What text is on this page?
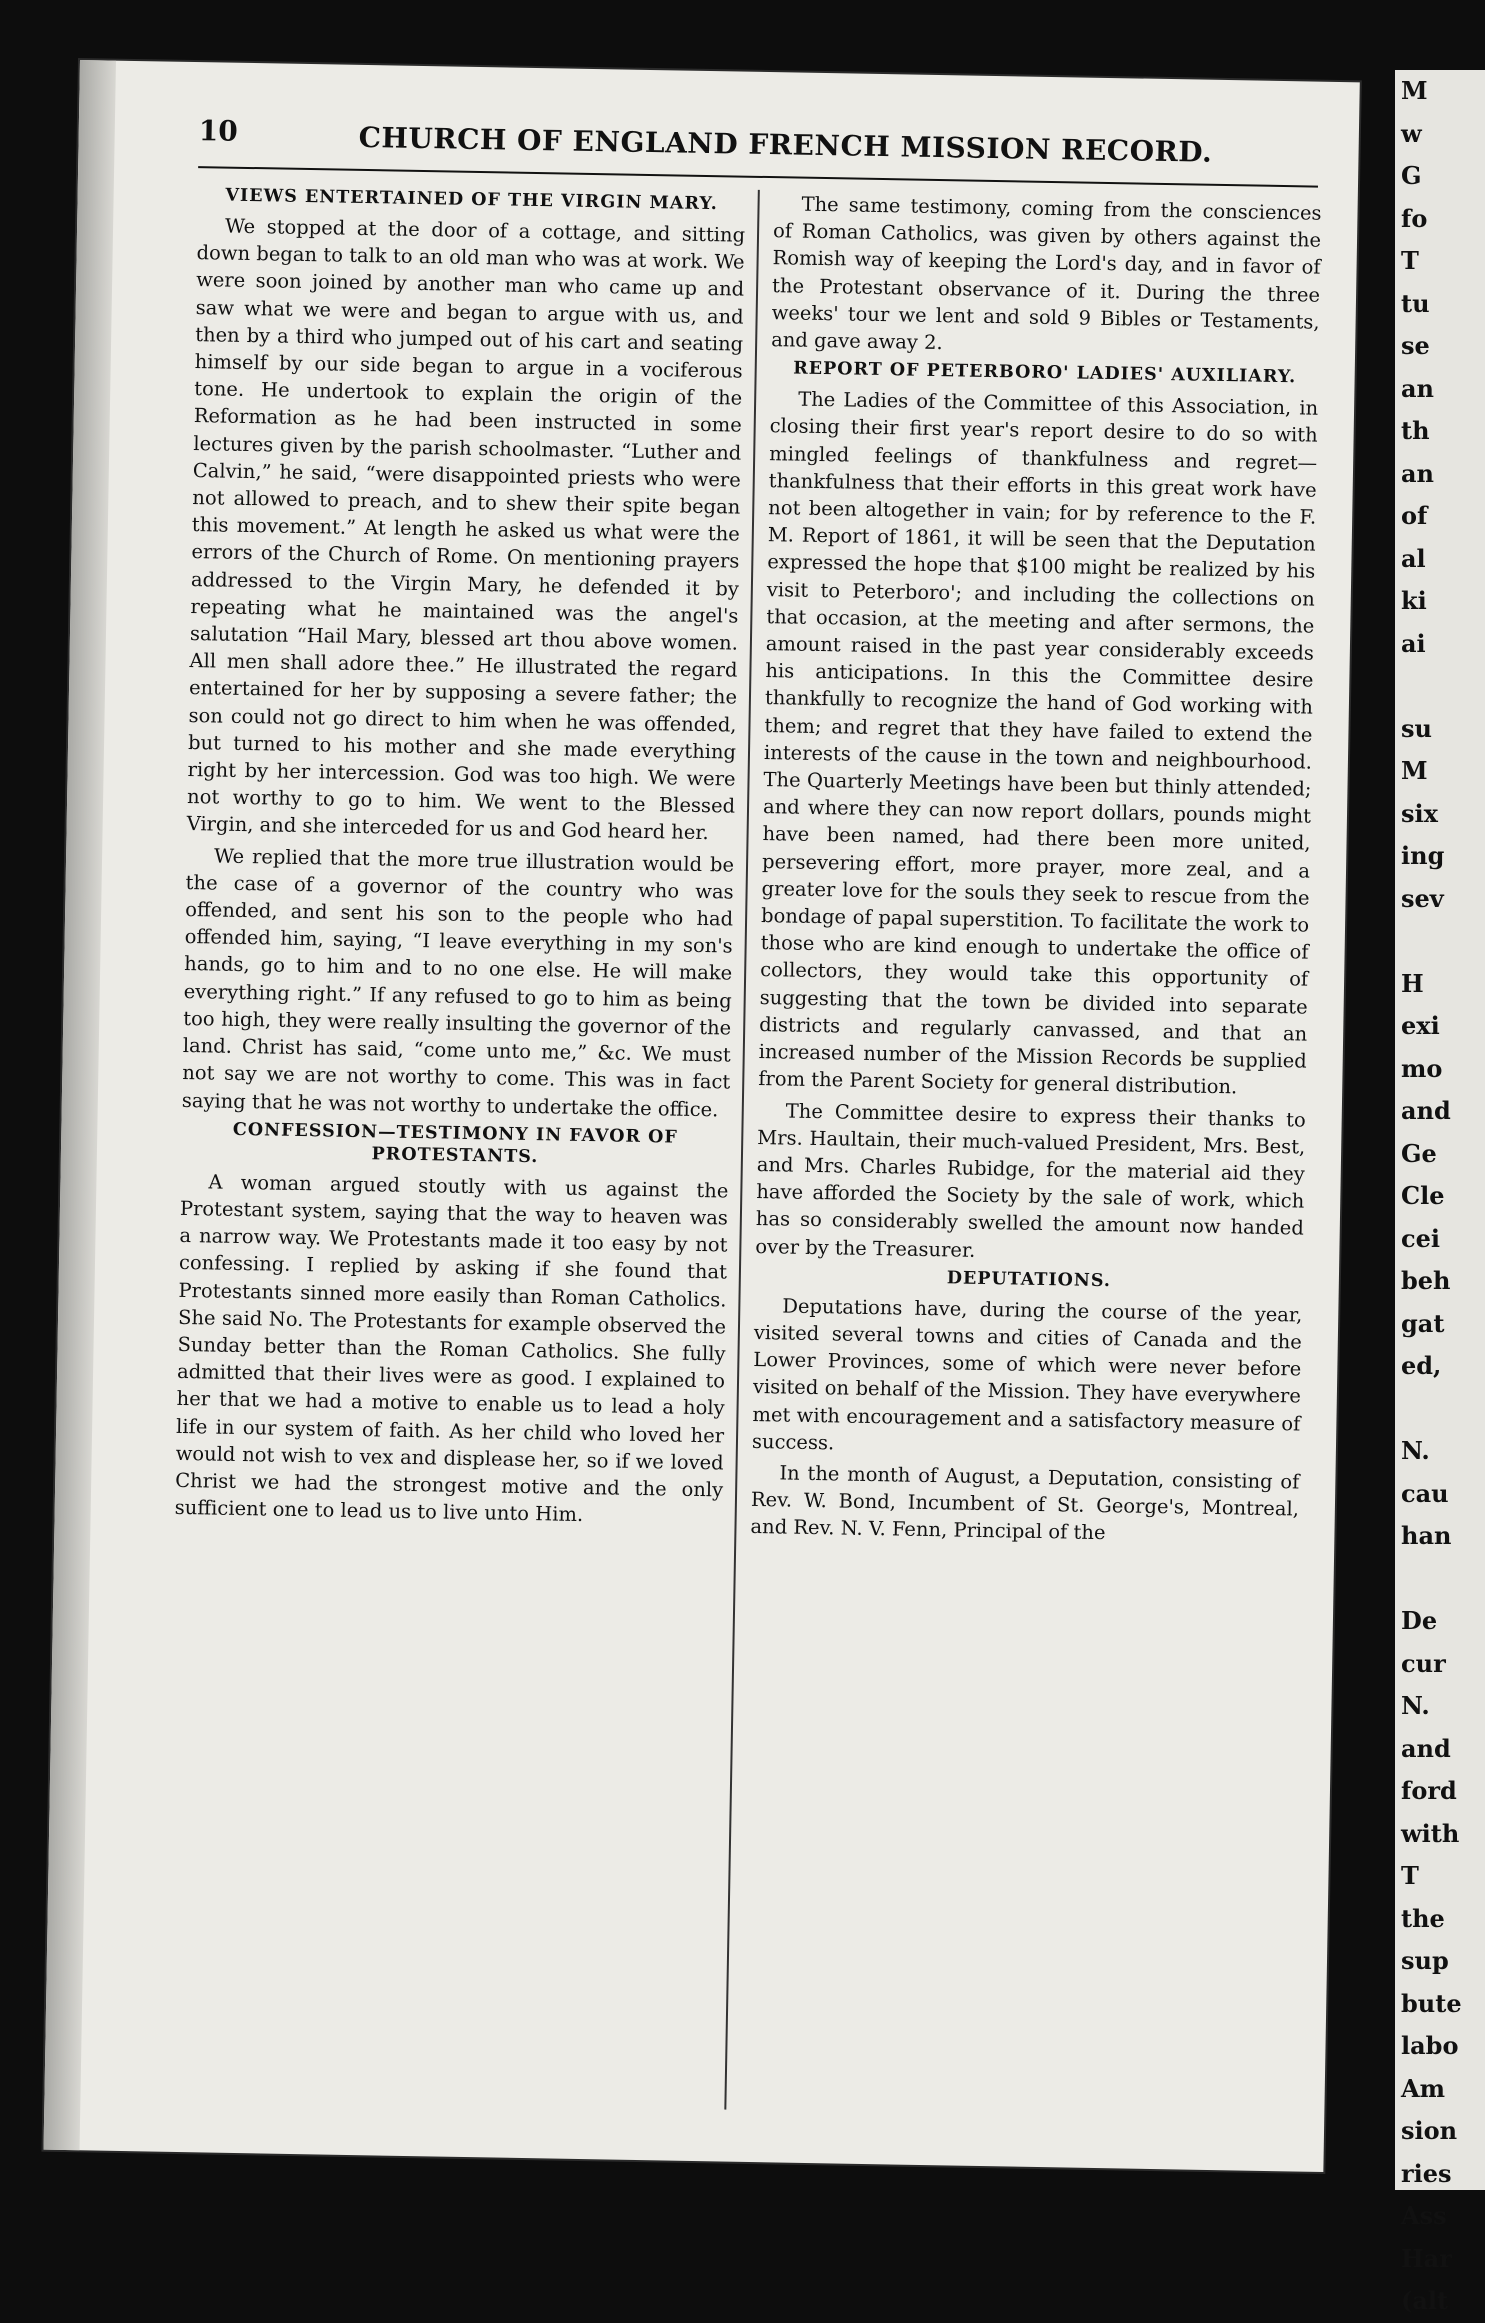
10	CHURCH OF ENGLAND FRENCH MISSION RECORD.
VIEWS ENTERTAINED OF THE VIRGIN MARY.

We stopped at the door of a cottage, and sitting down began to talk to an old man who was at work. We were soon joined by another man who came up and saw what we were and began to argue with us, and then by a third who jumped out of his cart and seating himself by our side began to argue in a vociferous tone. He undertook to explain the origin of the Reformation as he had been instructed in some lectures given by the parish schoolmaster. “Luther and Calvin,” he said, “were disappointed priests who were not allowed to preach, and to shew their spite began this movement.” At length he asked us what were the errors of the Church of Rome. On mentioning prayers addressed to the Virgin Mary, he defended it by repeating what he maintained was the angel's salutation “Hail Mary, blessed art thou above women. All men shall adore thee.” He illustrated the regard entertained for her by supposing a severe father; the son could not go direct to him when he was offended, but turned to his mother and she made everything right by her intercession. God was too high. We were not worthy to go to him. We went to the Blessed Virgin, and she interceded for us and God heard her.

We replied that the more true illustration would be the case of a governor of the country who was offended, and sent his son to the people who had offended him, saying, “I leave everything in my son's hands, go to him and to no one else. He will make everything right.” If any refused to go to him as being too high, they were really insulting the governor of the land. Christ has said, “come unto me,” &c. We must not say we are not worthy to come. This was in fact saying that he was not worthy to undertake the office.

CONFESSION—TESTIMONY IN FAVOR OF PROTESTANTS.

A woman argued stoutly with us against the Protestant system, saying that the way to heaven was a narrow way. We Protestants made it too easy by not confessing. I replied by asking if she found that Protestants sinned more easily than Roman Catholics. She said No. The Protestants for example observed the Sunday better than the Roman Catholics. She fully admitted that their lives were as good. I explained to her that we had a motive to enable us to lead a holy life in our system of faith. As her child who loved her would not wish to vex and displease her, so if we loved Christ we had the strongest motive and the only sufficient one to lead us to live unto Him.

The same testimony, coming from the consciences of Roman Catholics, was given by others against the Romish way of keeping the Lord's day, and in favor of the Protestant observance of it. During the three weeks' tour we lent and sold 9 Bibles or Testaments, and gave away 2.

REPORT OF PETERBORO' LADIES' AUXILIARY.

The Ladies of the Committee of this Association, in closing their first year's report desire to do so with mingled feelings of thankfulness and regret—thankfulness that their efforts in this great work have not been altogether in vain; for by reference to the F. M. Report of 1861, it will be seen that the Deputation expressed the hope that $100 might be realized by his visit to Peterboro'; and including the collections on that occasion, at the meeting and after sermons, the amount raised in the past year considerably exceeds his anticipations. In this the Committee desire thankfully to recognize the hand of God working with them; and regret that they have failed to extend the interests of the cause in the town and neighbourhood. The Quarterly Meetings have been but thinly attended; and where they can now report dollars, pounds might have been named, had there been more united, persevering effort, more prayer, more zeal, and a greater love for the souls they seek to rescue from the bondage of papal superstition. To facilitate the work to those who are kind enough to undertake the office of collectors, they would take this opportunity of suggesting that the town be divided into separate districts and regularly canvassed, and that an increased number of the Mission Records be supplied from the Parent Society for general distribution.

The Committee desire to express their thanks to Mrs. Haultain, their much-valued President, Mrs. Best, and Mrs. Charles Rubidge, for the material aid they have afforded the Society by the sale of work, which has so considerably swelled the amount now handed over by the Treasurer.

DEPUTATIONS.

Deputations have, during the course of the year, visited several towns and cities of Canada and the Lower Provinces, some of which were never before visited on behalf of the Mission. They have everywhere met with encouragement and a satisfactory measure of success.

In the month of August, a Deputation, consisting of Rev. W. Bond, Incumbent of St. George's, Montreal, and Rev. N. V. Fenn, Principal of the

M
w
G
fo
T
tu
se
an
th
an
of
al
ki
ai

su
M
six
ing
sev

H
exi
mo
and
Ge
Cle
cei
beh
gat
ed,

N.
cau
han

De
cur
N.
and
ford
with
T
the
sup
bute
labo
Am
sion
ries
Ass
Har
(alt
